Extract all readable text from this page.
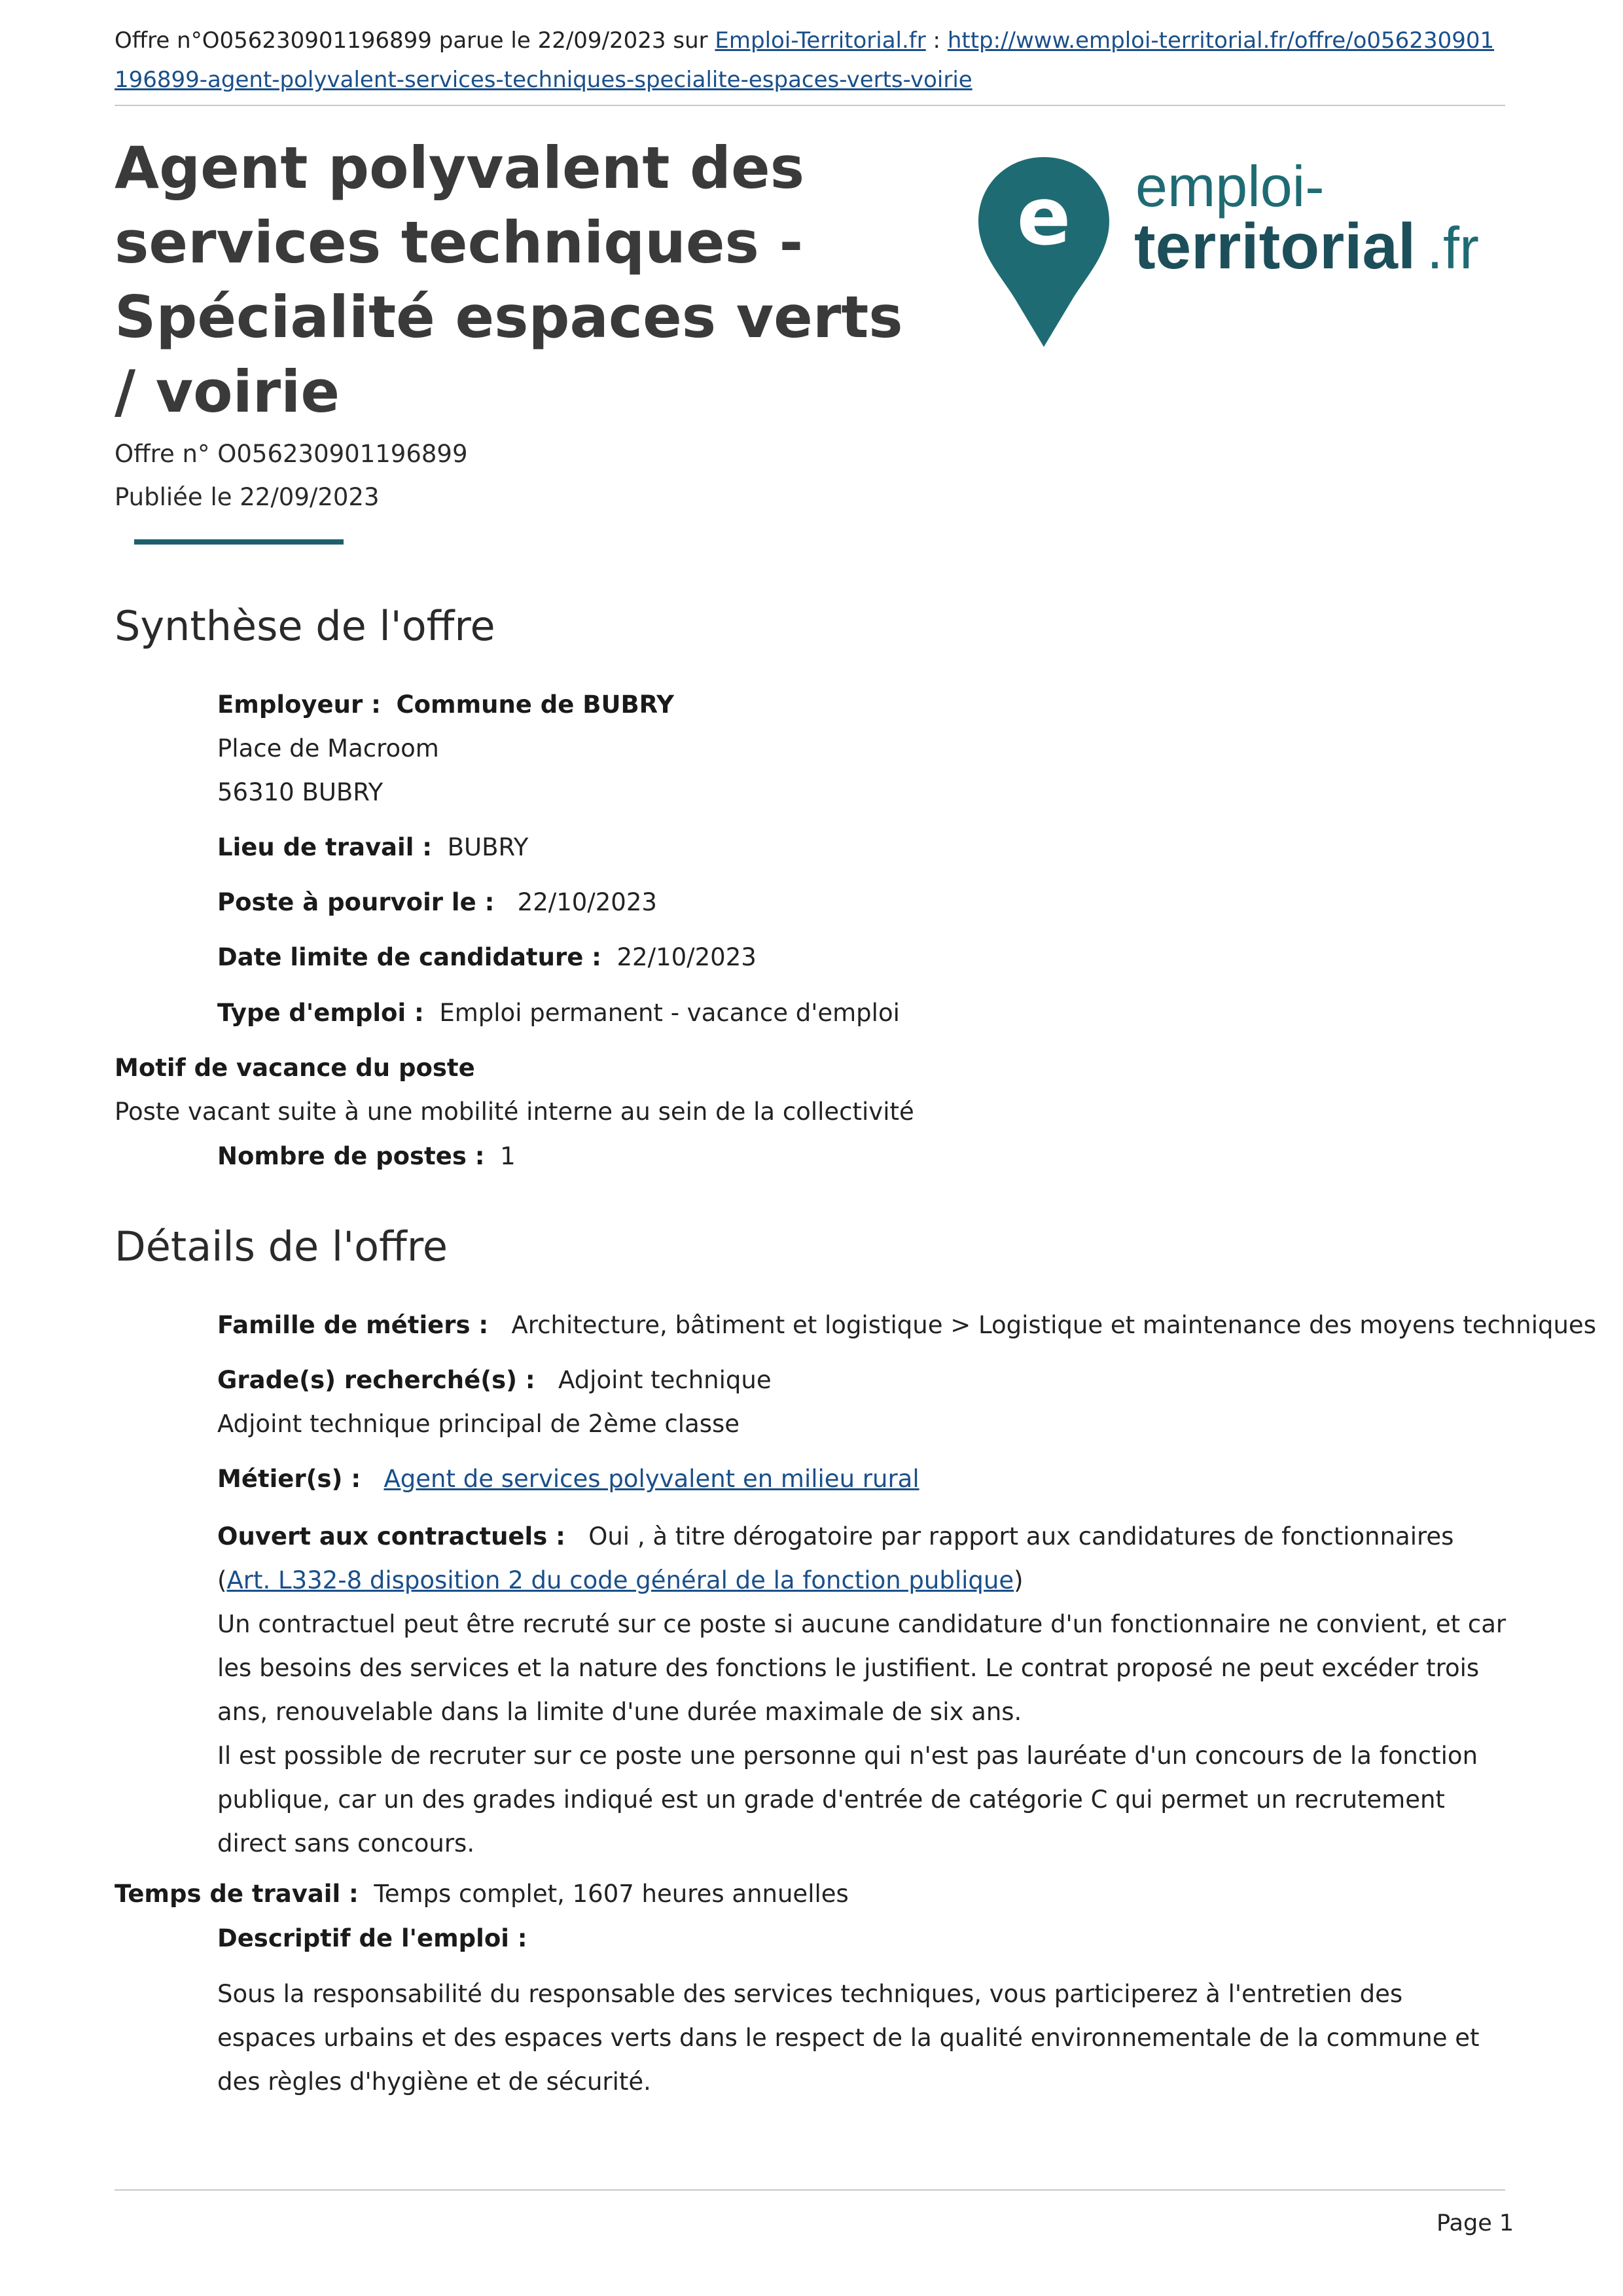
Offre n°O056230901196899 parue le 22/09/2023 sur Emploi-Territorial.fr : http://www.emploi-territorial.fr/offre/o056230901196899-agent-polyvalent-services-techniques-specialite-espaces-verts-voirie
Agent polyvalent des services techniques - Spécialité espaces verts / voirie
e emploi-
territorial .fr
Offre n° O056230901196899
Publiée le 22/09/2023
Synthèse de l'offre
Employeur : Commune de BUBRY
Place de Macroom
56310 BUBRY
Lieu de travail : BUBRY
Poste à pourvoir le : 22/10/2023
Date limite de candidature : 22/10/2023
Type d'emploi : Emploi permanent - vacance d'emploi
Motif de vacance du poste
Poste vacant suite à une mobilité interne au sein de la collectivité
Nombre de postes : 1
Détails de l'offre
Famille de métiers : Architecture, bâtiment et logistique > Logistique et maintenance des moyens techniques
Grade(s) recherché(s) : Adjoint technique
Adjoint technique principal de 2ème classe
Métier(s) : Agent de services polyvalent en milieu rural
Ouvert aux contractuels : Oui , à titre dérogatoire par rapport aux candidatures de fonctionnaires (Art. L332-8 disposition 2 du code général de la fonction publique)
Un contractuel peut être recruté sur ce poste si aucune candidature d'un fonctionnaire ne convient, et car les besoins des services et la nature des fonctions le justifient. Le contrat proposé ne peut excéder trois ans, renouvelable dans la limite d'une durée maximale de six ans.
Il est possible de recruter sur ce poste une personne qui n'est pas lauréate d'un concours de la fonction publique, car un des grades indiqué est un grade d'entrée de catégorie C qui permet un recrutement direct sans concours.
Temps de travail : Temps complet, 1607 heures annuelles
Descriptif de l'emploi :
Sous la responsabilité du responsable des services techniques, vous participerez à l'entretien des espaces urbains et des espaces verts dans le respect de la qualité environnementale de la commune et des règles d'hygiène et de sécurité.
Page 1
